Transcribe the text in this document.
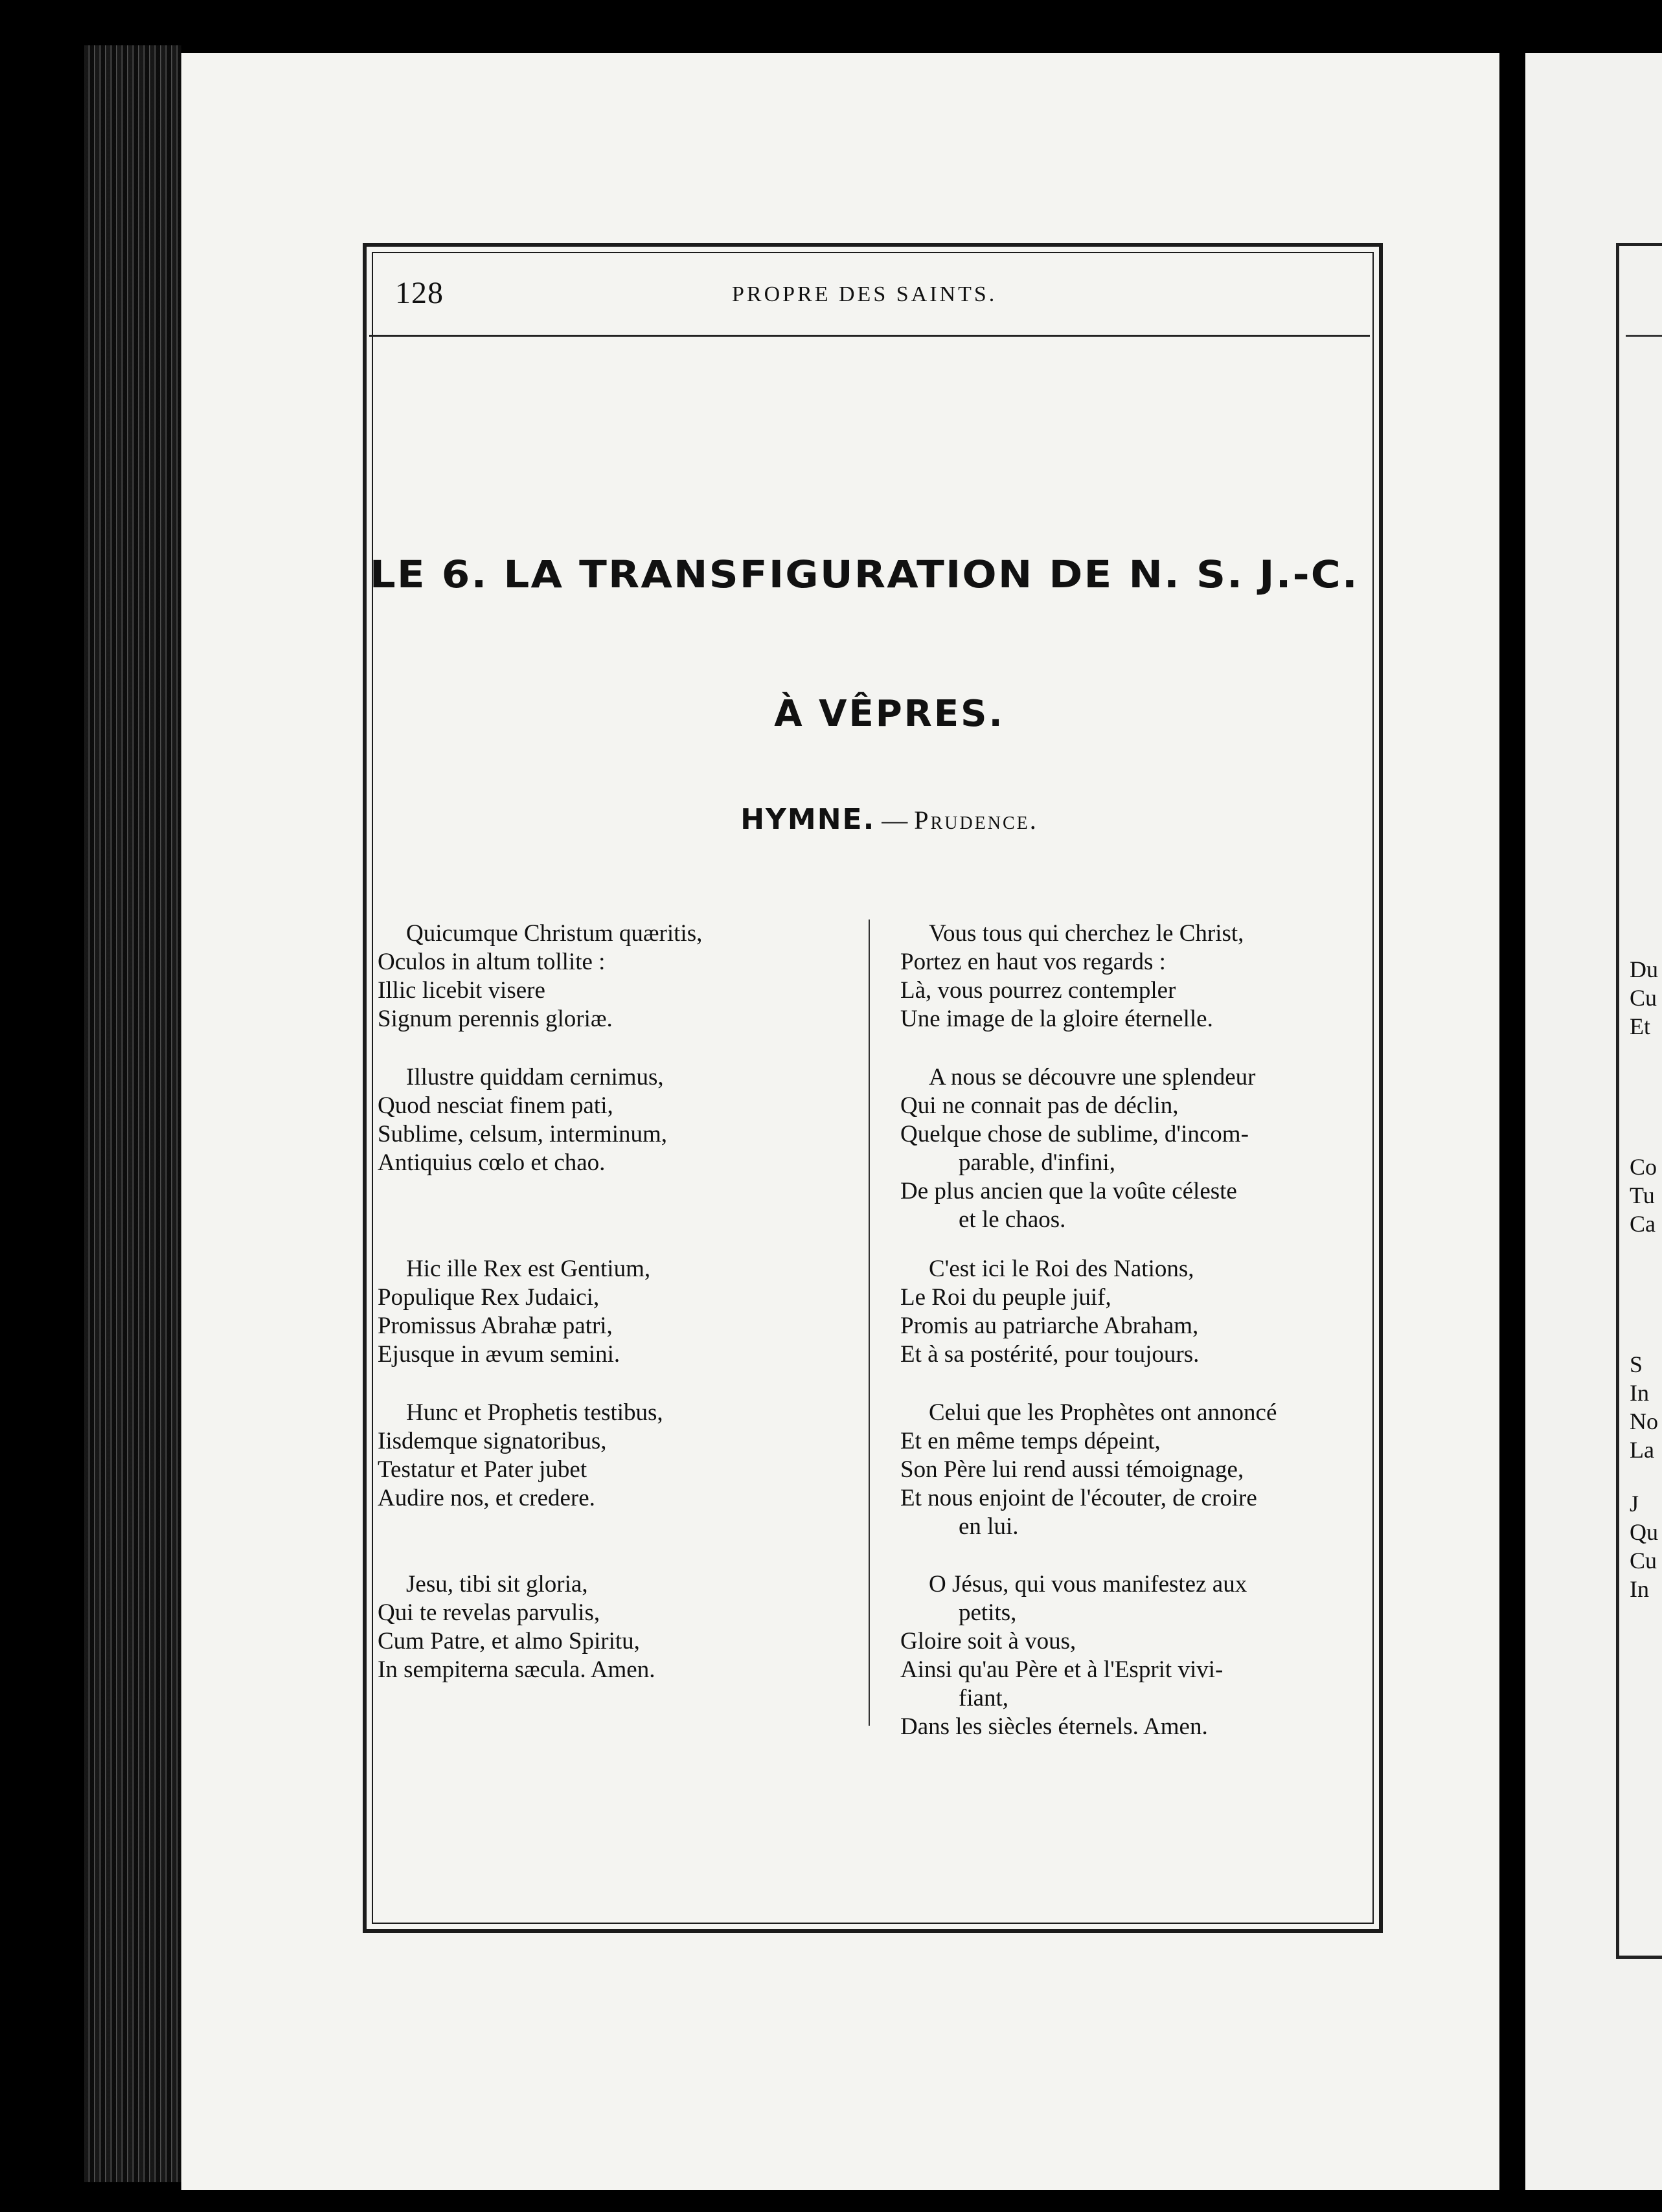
128	PROPRE DES SAINTS.
LE 6. LA TRANSFIGURATION DE N. S. J.-C.
À VÊPRES.
HYMNE. — Prudence.
Quicumque Christum quæritis,
Oculos in altum tollite :
Illic licebit visere
Signum perennis gloriæ.
Illustre quiddam cernimus,
Quod nesciat finem pati,
Sublime, celsum, interminum,
Antiquius cœlo et chao.
Hic ille Rex est Gentium,
Populique Rex Judaici,
Promissus Abrahæ patri,
Ejusque in ævum semini.
Hunc et Prophetis testibus,
Iisdemque signatoribus,
Testatur et Pater jubet
Audire nos, et credere.
Jesu, tibi sit gloria,
Qui te revelas parvulis,
Cum Patre, et almo Spiritu,
In sempiterna sæcula. Amen.
Vous tous qui cherchez le Christ,
Portez en haut vos regards :
Là, vous pourrez contempler
Une image de la gloire éternelle.
A nous se découvre une splendeur
Qui ne connait pas de déclin,
Quelque chose de sublime, d'incom-
parable, d'infini,
De plus ancien que la voûte céleste
et le chaos.
C'est ici le Roi des Nations,
Le Roi du peuple juif,
Promis au patriarche Abraham,
Et à sa postérité, pour toujours.
Celui que les Prophètes ont annoncé
Et en même temps dépeint,
Son Père lui rend aussi témoignage,
Et nous enjoint de l'écouter, de croire
en lui.
O Jésus, qui vous manifestez aux
petits,
Gloire soit à vous,
Ainsi qu'au Père et à l'Esprit vivi-
fiant,
Dans les siècles éternels. Amen.
Du
Cu
Et
Co
Tu
Ca
S
In
No
La
J
Qu
Cu
In
